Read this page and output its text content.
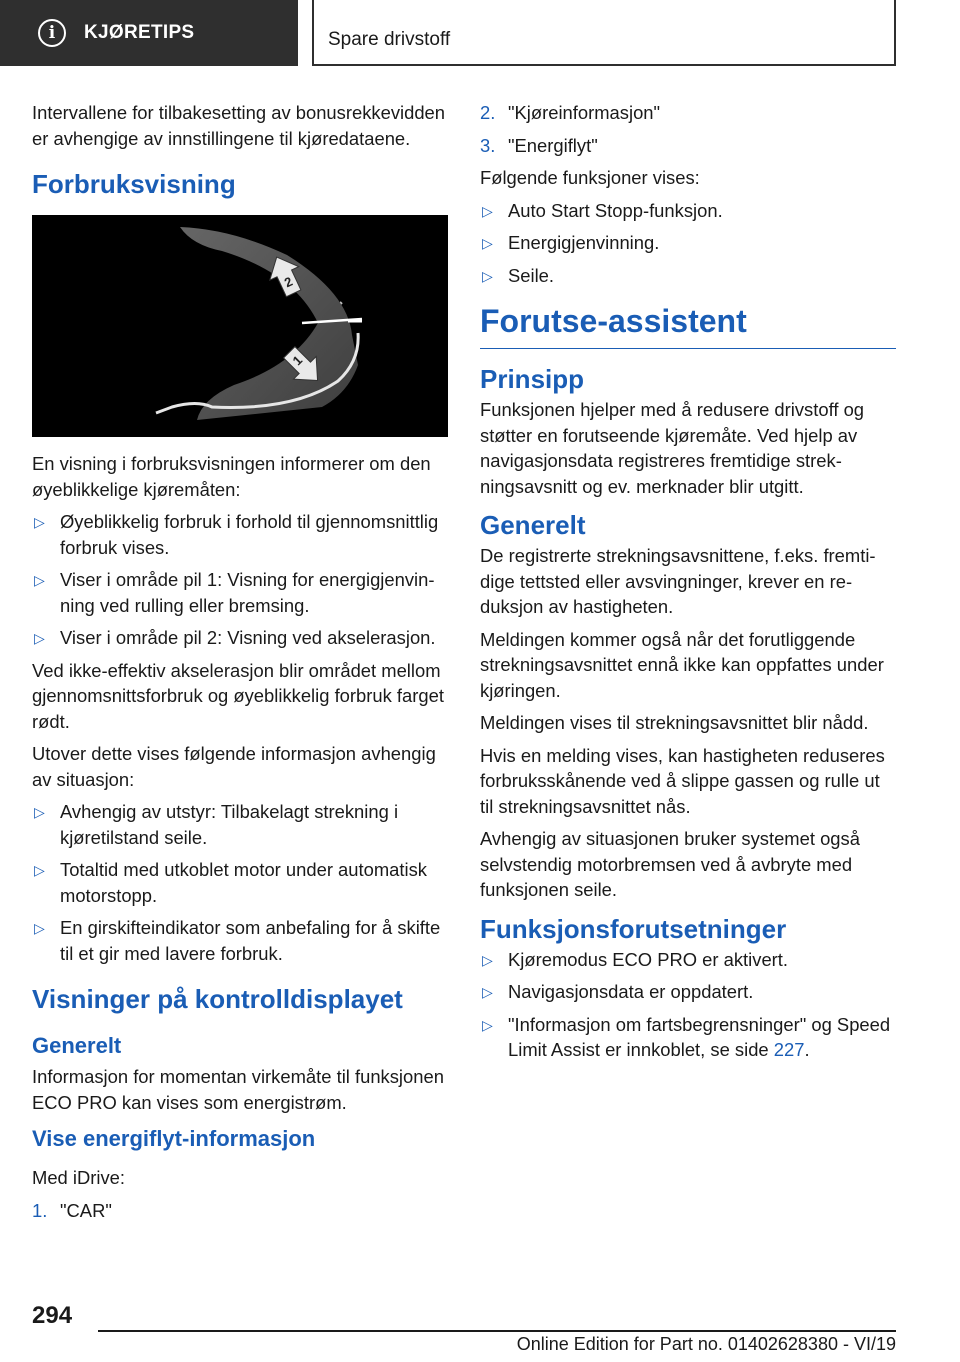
i	KJØRETIPS	Spare drivstoff

Intervallene for tilbakesetting av bonusrekkevidden er avhengige av innstillingene til kjøredataene.

Forbruksvisning
2
1

En visning i forbruksvisningen informerer om den øyeblikkelige kjøremåten:

▷ Øyeblikkelig forbruk i forhold til gjennomsnittlig forbruk vises.
▷ Viser i område pil 1: Visning for energigjenvinning ved rulling eller bremsing.
▷ Viser i område pil 2: Visning ved akselerasjon.

Ved ikke-effektiv akselerasjon blir området mellom gjennomsnittsforbruk og øyeblikkelig forbruk farget rødt.

Utover dette vises følgende informasjon avhengig av situasjon:

▷ Avhengig av utstyr: Tilbakelagt strekning i kjøretilstand seile.
▷ Totaltid med utkoblet motor under automatisk motorstopp.
▷ En girskifteindikator som anbefaling for å skifte til et gir med lavere forbruk.
Visninger på kontrolldisplayet
Generelt

Informasjon for momentan virkemåte til funksjonen ECO PRO kan vises som energistrøm.

Vise energiflyt-informasjon

Med iDrive:

1. "CAR"
2. "Kjøreinformasjon"
3. "Energiflyt"

Følgende funksjoner vises:

▷ Auto Start Stopp-funksjon.
▷ Energigjenvinning.
▷ Seile.
Forutse-assistent
Prinsipp

Funksjonen hjelper med å redusere drivstoff og støtter en forutseende kjøremåte. Ved hjelp av navigasjonsdata registreres fremtidige strekningsavsnitt og ev. merknader blir utgitt.

Generelt

De registrerte strekningsavsnittene, f.eks. fremtidige tettsted eller avsvingninger, krever en reduksjon av hastigheten.

Meldingen kommer også når det forutliggende strekningsavsnittet ennå ikke kan oppfattes under kjøringen.

Meldingen vises til strekningsavsnittet blir nådd.

Hvis en melding vises, kan hastigheten reduseres forbruksskånende ved å slippe gassen og rulle ut til strekningsavsnittet nås.

Avhengig av situasjonen bruker systemet også selvstendig motorbremsen ved å avbryte med funksjonen seile.

Funksjonsforutsetninger
▷ Kjøremodus ECO PRO er aktivert.
▷ Navigasjonsdata er oppdatert.
▷ "Informasjon om fartsbegrensninger" og Speed Limit Assist er innkoblet, se side 227.
294
Online Edition for Part no. 01402628380 - VI/19
